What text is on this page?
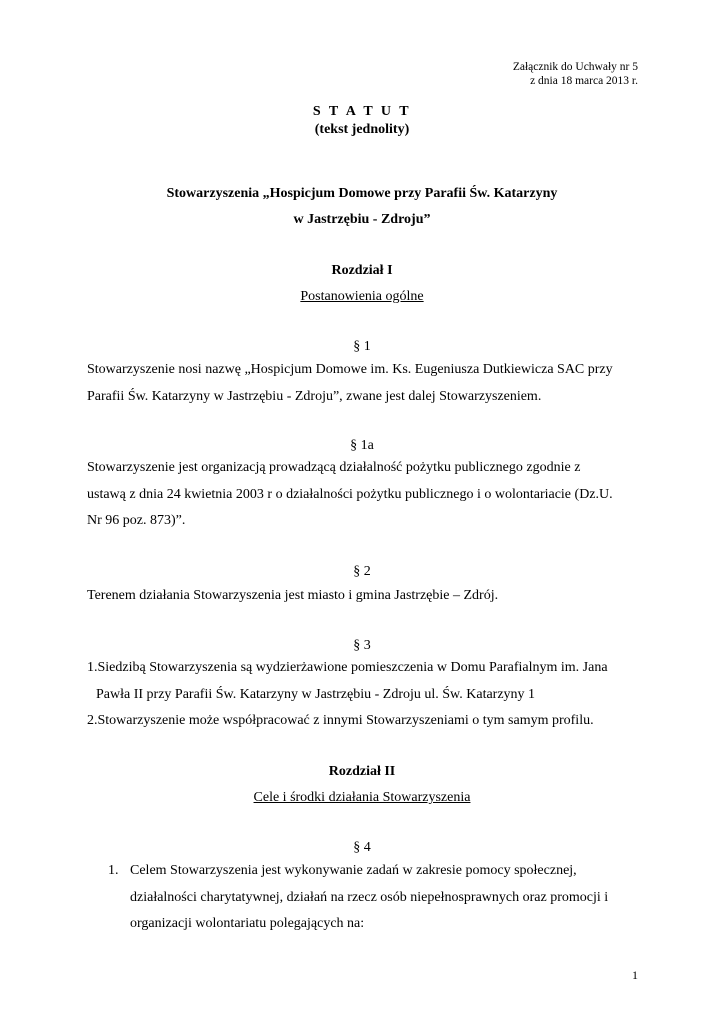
Załącznik do Uchwały nr 5
z dnia 18 marca 2013 r.
S T A T U T
(tekst jednolity)
Stowarzyszenia „Hospicjum Domowe przy Parafii Św. Katarzyny
w Jastrzębiu - Zdroju”
Rozdział I
Postanowienia ogólne
§ 1
Stowarzyszenie nosi nazwę „Hospicjum Domowe im. Ks. Eugeniusza Dutkiewicza SAC przy
Parafii Św. Katarzyny w Jastrzębiu - Zdroju”, zwane jest dalej Stowarzyszeniem.
§ 1a
Stowarzyszenie jest organizacją prowadzącą działalność pożytku publicznego zgodnie z
ustawą z dnia 24 kwietnia 2003 r o działalności pożytku publicznego i o wolontariacie (Dz.U.
Nr 96 poz. 873)”.
§ 2
Terenem działania Stowarzyszenia jest miasto i gmina Jastrzębie – Zdrój.
§ 3
1.Siedzibą Stowarzyszenia są wydzierżawione pomieszczenia w Domu Parafialnym im. Jana
Pawła II przy Parafii Św. Katarzyny w Jastrzębiu - Zdroju ul. Św. Katarzyny 1
2.Stowarzyszenie może współpracować z innymi Stowarzyszeniami o tym samym profilu.
Rozdział II
Cele i środki działania Stowarzyszenia
§ 4
1. Celem Stowarzyszenia jest wykonywanie zadań w zakresie pomocy społecznej,
działalności charytatywnej, działań na rzecz osób niepełnosprawnych oraz promocji i
organizacji wolontariatu polegających na:
1
